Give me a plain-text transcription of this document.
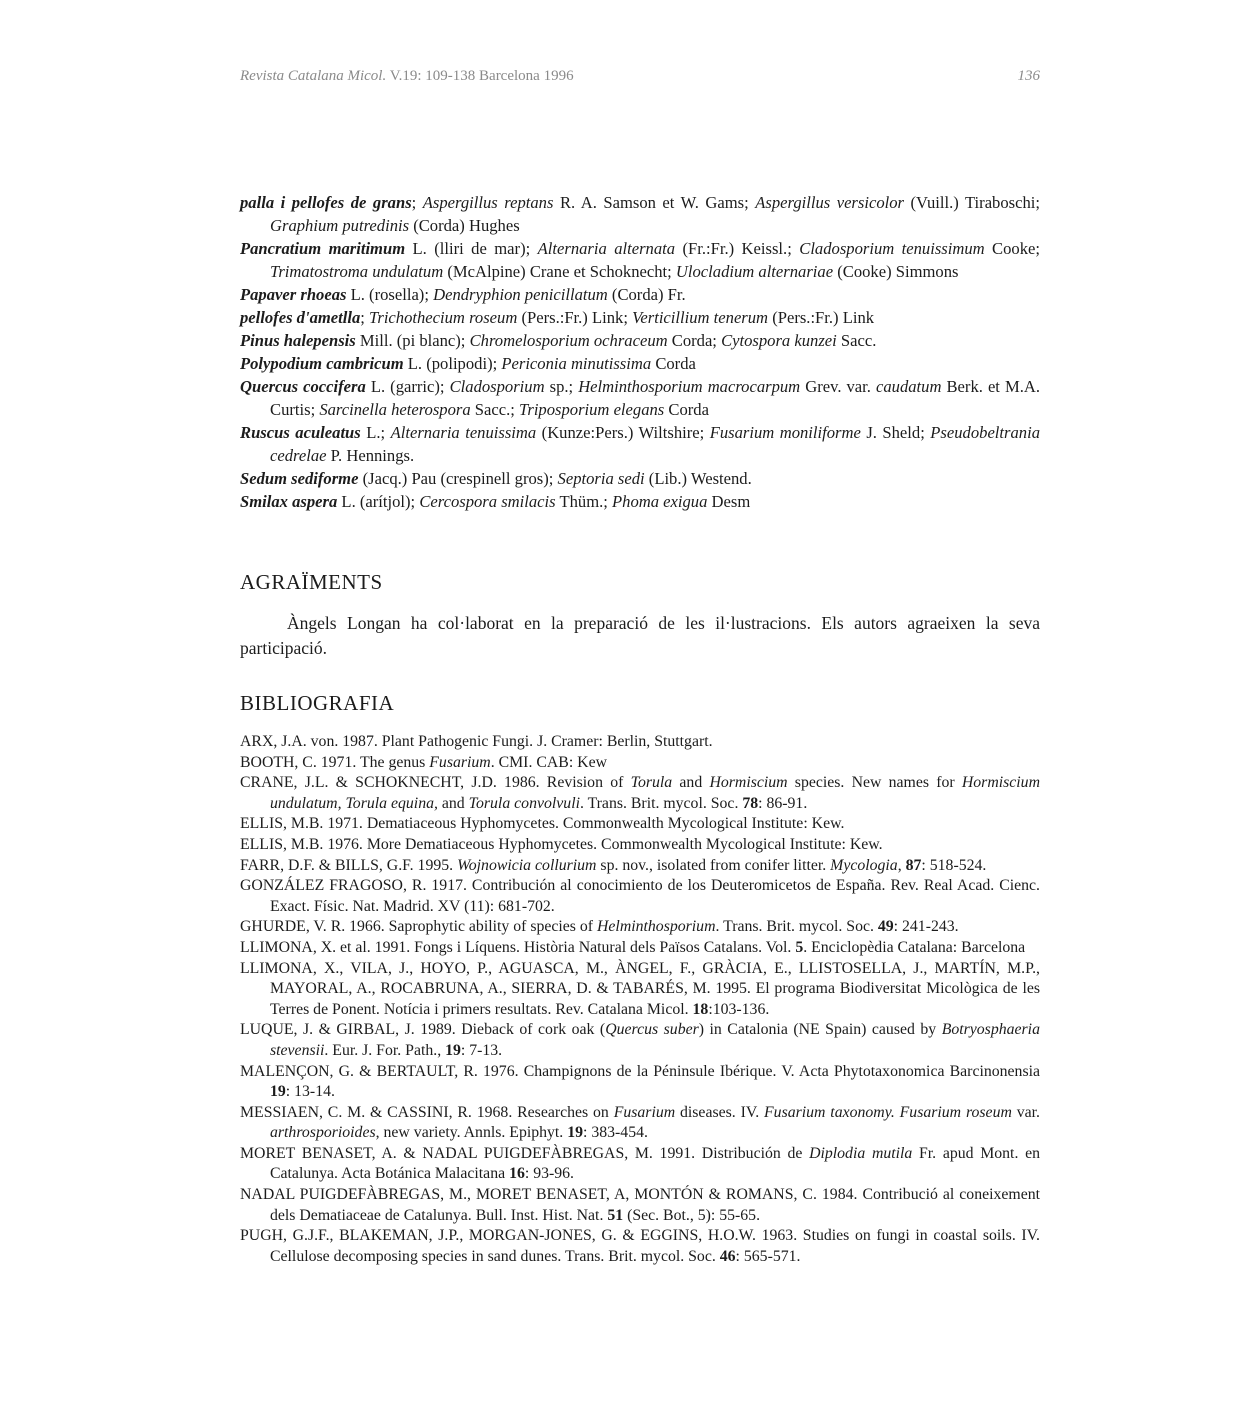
Revista Catalana Micol. V.19: 109-138 Barcelona 1996	136

palla i pellofes de grans; Aspergillus reptans R. A. Samson et W. Gams; Aspergillus versicolor (Vuill.) Tiraboschi; Graphium putredinis (Corda) Hughes

Pancratium maritimum L. (lliri de mar); Alternaria alternata (Fr.:Fr.) Keissl.; Cladosporium tenuissimum Cooke; Trimatostroma undulatum (McAlpine) Crane et Schoknecht; Ulocladium alternariae (Cooke) Simmons

Papaver rhoeas L. (rosella); Dendryphion penicillatum (Corda) Fr.

pellofes d'ametlla; Trichothecium roseum (Pers.:Fr.) Link; Verticillium tenerum (Pers.:Fr.) Link

Pinus halepensis Mill. (pi blanc); Chromelosporium ochraceum Corda; Cytospora kunzei Sacc.

Polypodium cambricum L. (polipodi); Periconia minutissima Corda

Quercus coccifera L. (garric); Cladosporium sp.; Helminthosporium macrocarpum Grev. var. caudatum Berk. et M.A. Curtis; Sarcinella heterospora Sacc.; Triposporium elegans Corda

Ruscus aculeatus L.; Alternaria tenuissima (Kunze:Pers.) Wiltshire; Fusarium moniliforme J. Sheld; Pseudobeltrania cedrelae P. Hennings.

Sedum sediforme (Jacq.) Pau (crespinell gros); Septoria sedi (Lib.) Westend.

Smilax aspera L. (arítjol); Cercospora smilacis Thüm.; Phoma exigua Desm

AGRAÏMENTS

Àngels Longan ha col·laborat en la preparació de les il·lustracions. Els autors agraeixen la seva participació.

BIBLIOGRAFIA

ARX, J.A. von. 1987. Plant Pathogenic Fungi. J. Cramer: Berlin, Stuttgart.

BOOTH, C. 1971. The genus Fusarium. CMI. CAB: Kew

CRANE, J.L. & SCHOKNECHT, J.D. 1986. Revision of Torula and Hormiscium species. New names for Hormiscium undulatum, Torula equina, and Torula convolvuli. Trans. Brit. mycol. Soc. 78: 86-91.

ELLIS, M.B. 1971. Dematiaceous Hyphomycetes. Commonwealth Mycological Institute: Kew.

ELLIS, M.B. 1976. More Dematiaceous Hyphomycetes. Commonwealth Mycological Institute: Kew.

FARR, D.F. & BILLS, G.F. 1995. Wojnowicia collurium sp. nov., isolated from conifer litter. Mycologia, 87: 518-524.

GONZÁLEZ FRAGOSO, R. 1917. Contribución al conocimiento de los Deuteromicetos de España. Rev. Real Acad. Cienc. Exact. Físic. Nat. Madrid. XV (11): 681-702.

GHURDE, V. R. 1966. Saprophytic ability of species of Helminthosporium. Trans. Brit. mycol. Soc. 49: 241-243.

LLIMONA, X. et al. 1991. Fongs i Líquens. Història Natural dels Països Catalans. Vol. 5. Enciclopèdia Catalana: Barcelona

LLIMONA, X., VILA, J., HOYO, P., AGUASCA, M., ÀNGEL, F., GRÀCIA, E., LLISTOSELLA, J., MARTÍN, M.P., MAYORAL, A., ROCABRUNA, A., SIERRA, D. & TABARÉS, M. 1995. El programa Biodiversitat Micològica de les Terres de Ponent. Notícia i primers resultats. Rev. Catalana Micol. 18:103-136.

LUQUE, J. & GIRBAL, J. 1989. Dieback of cork oak (Quercus suber) in Catalonia (NE Spain) caused by Botryosphaeria stevensii. Eur. J. For. Path., 19: 7-13.

MALENÇON, G. & BERTAULT, R. 1976. Champignons de la Péninsule Ibérique. V. Acta Phytotaxonomica Barcinonensia 19: 13-14.

MESSIAEN, C. M. & CASSINI, R. 1968. Researches on Fusarium diseases. IV. Fusarium taxonomy. Fusarium roseum var. arthrosporioides, new variety. Annls. Epiphyt. 19: 383-454.

MORET BENASET, A. & NADAL PUIGDEFÀBREGAS, M. 1991. Distribución de Diplodia mutila Fr. apud Mont. en Catalunya. Acta Botánica Malacitana 16: 93-96.

NADAL PUIGDEFÀBREGAS, M., MORET BENASET, A, MONTÓN & ROMANS, C. 1984. Contribució al coneixement dels Dematiaceae de Catalunya. Bull. Inst. Hist. Nat. 51 (Sec. Bot., 5): 55-65.

PUGH, G.J.F., BLAKEMAN, J.P., MORGAN-JONES, G. & EGGINS, H.O.W. 1963. Studies on fungi in coastal soils. IV. Cellulose decomposing species in sand dunes. Trans. Brit. mycol. Soc. 46: 565-571.
